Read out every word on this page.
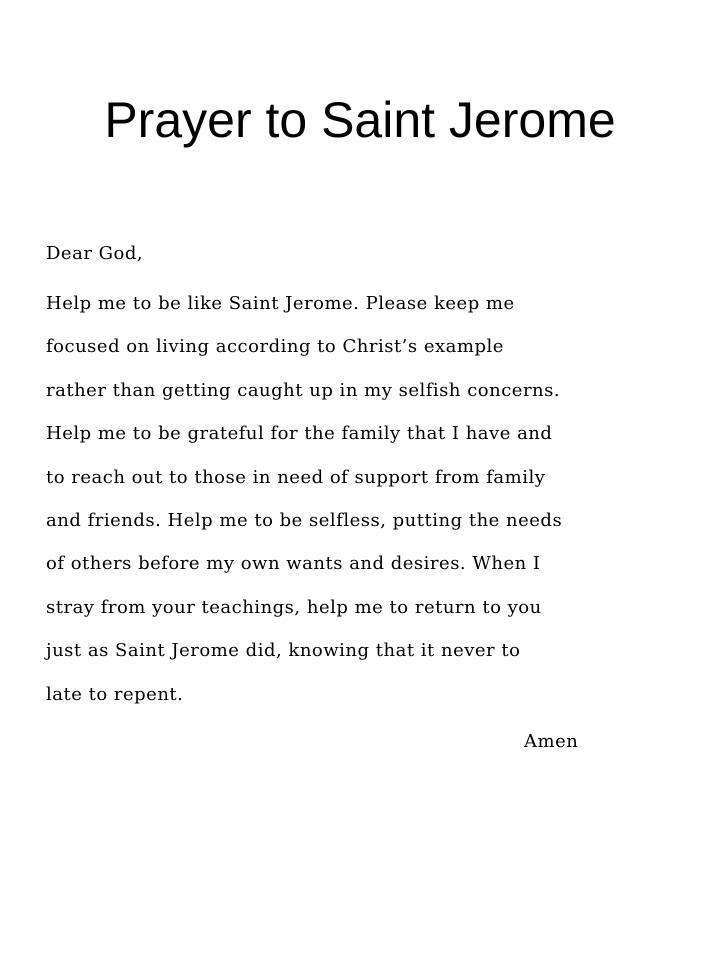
Prayer to Saint Jerome

Dear God,

Help me to be like Saint Jerome. Please keep me
focused on living according to Christ’s example
rather than getting caught up in my selfish concerns.
Help me to be grateful for the family that I have and
to reach out to those in need of support from family
and friends. Help me to be selfless, putting the needs
of others before my own wants and desires. When I
stray from your teachings, help me to return to you
just as Saint Jerome did, knowing that it never to
late to repent.

Amen
